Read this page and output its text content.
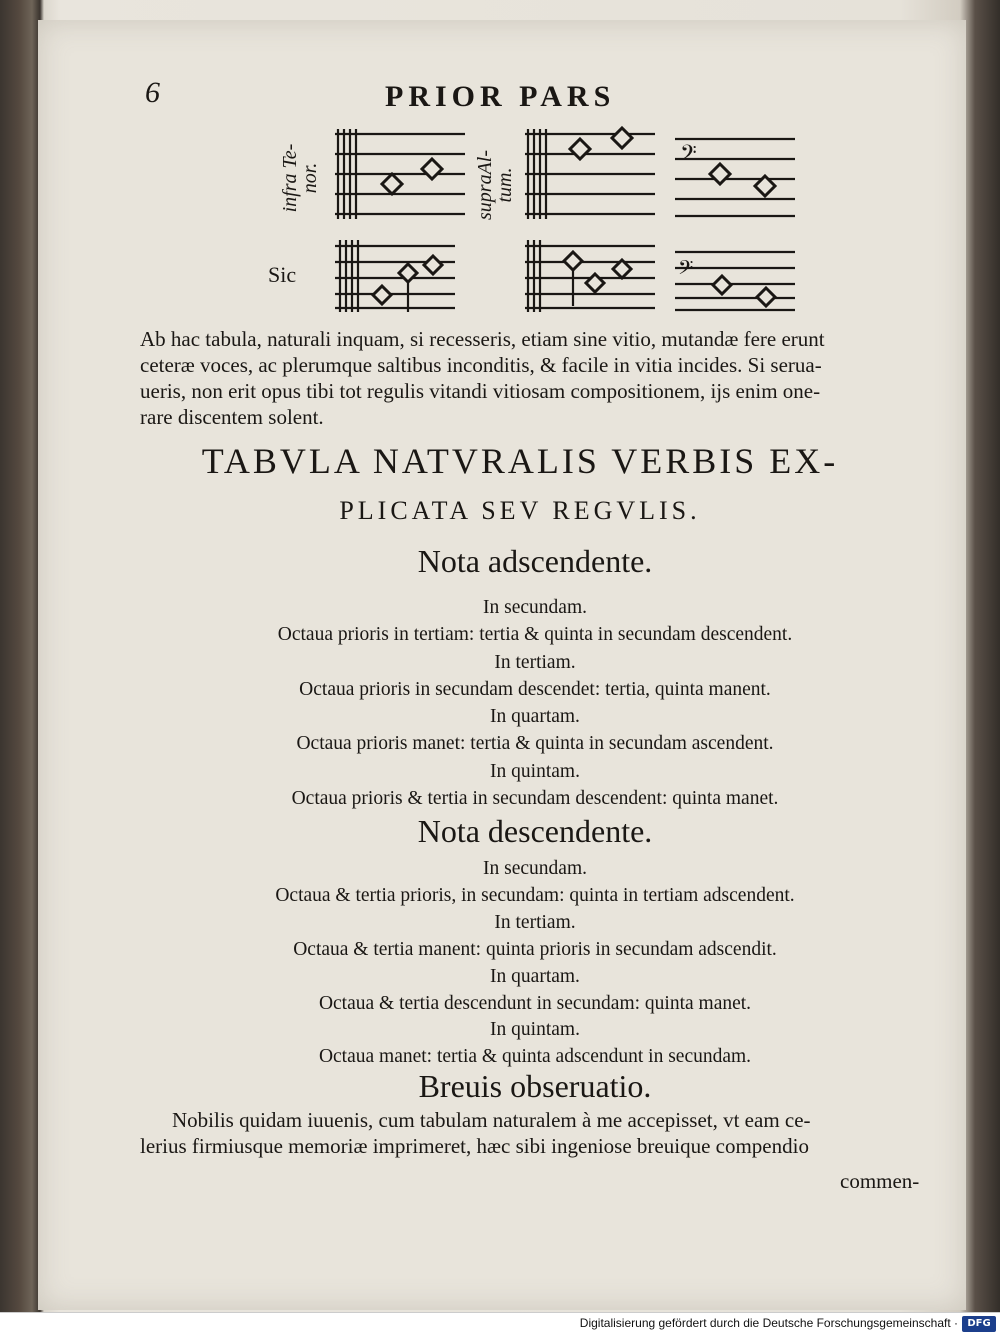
6	PRIOR PARS
infra Te-
nor.	supraAl-
tum.
Sic
𝄢
𝄢
Ab hac tabula, naturali inquam, si recesseris, etiam sine vitio, mutandæ fere erunt
ceteræ voces, ac plerumque saltibus inconditis, & facile in vitia incides. Si serua-
ueris, non erit opus tibi tot regulis vitandi vitiosam compositionem, ijs enim one-
rare discentem solent.
TABVLA NATVRALIS VERBIS EX-
PLICATA SEV REGVLIS.
Nota adscendente.
In secundam.
Octaua prioris in tertiam: tertia & quinta in secundam descendent.
In tertiam.
Octaua prioris in secundam descendet: tertia, quinta manent.
In quartam.
Octaua prioris manet: tertia & quinta in secundam ascendent.
In quintam.
Octaua prioris & tertia in secundam descendent: quinta manet.
Nota descendente.
In secundam.
Octaua & tertia prioris, in secundam: quinta in tertiam adscendent.
In tertiam.
Octaua & tertia manent: quinta prioris in secundam adscendit.
In quartam.
Octaua & tertia descendunt in secundam: quinta manet.
In quintam.
Octaua manet: tertia & quinta adscendunt in secundam.
Breuis obseruatio.
Nobilis quidam iuuenis, cum tabulam naturalem à me accepisset, vt eam ce-
lerius firmiusque memoriæ imprimeret, hæc sibi ingeniose breuique compendio
commen-
Digitalisierung gefördert durch die Deutsche Forschungsgemeinschaft · DFG
